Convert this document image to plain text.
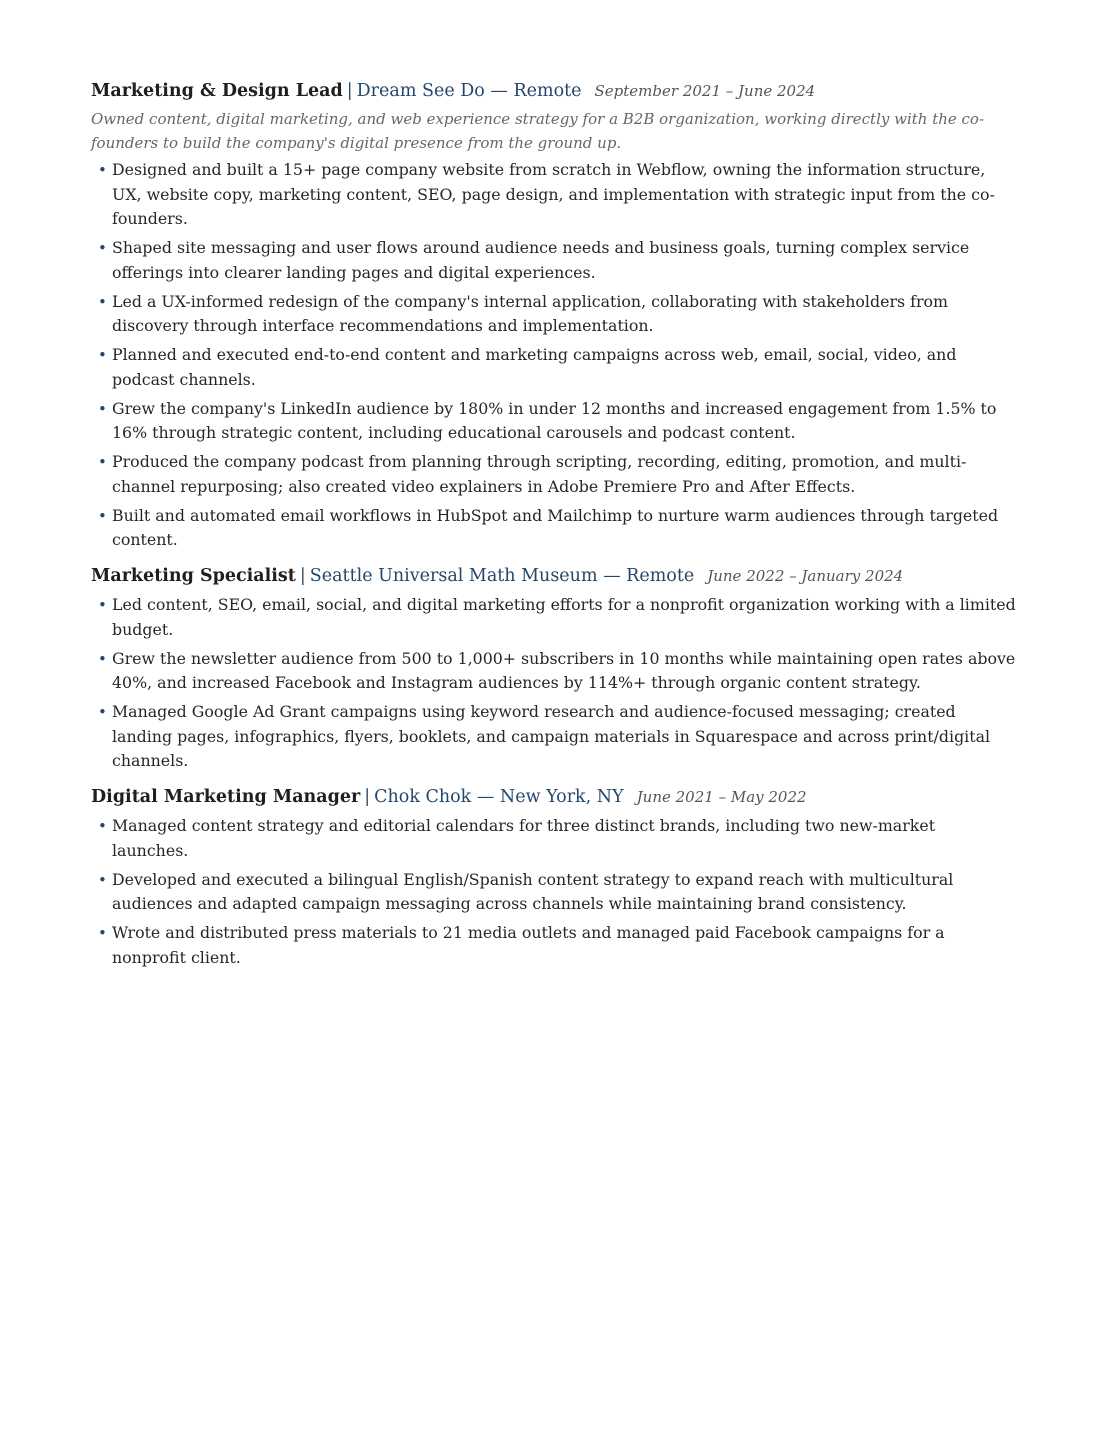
Marketing & Design Lead | Dream See Do — Remote September 2021 – June 2024
Owned content, digital marketing, and web experience strategy for a B2B organization, working directly with the co-founders to build the company's digital presence from the ground up.
• Designed and built a 15+ page company website from scratch in Webflow, owning the information structure, UX, website copy, marketing content, SEO, page design, and implementation with strategic input from the co-founders.
• Shaped site messaging and user flows around audience needs and business goals, turning complex service offerings into clearer landing pages and digital experiences.
• Led a UX-informed redesign of the company's internal application, collaborating with stakeholders from discovery through interface recommendations and implementation.
• Planned and executed end-to-end content and marketing campaigns across web, email, social, video, and podcast channels.
• Grew the company's LinkedIn audience by 180% in under 12 months and increased engagement from 1.5% to 16% through strategic content, including educational carousels and podcast content.
• Produced the company podcast from planning through scripting, recording, editing, promotion, and multi-channel repurposing; also created video explainers in Adobe Premiere Pro and After Effects.
• Built and automated email workflows in HubSpot and Mailchimp to nurture warm audiences through targeted content.
Marketing Specialist | Seattle Universal Math Museum — Remote June 2022 – January 2024
• Led content, SEO, email, social, and digital marketing efforts for a nonprofit organization working with a limited budget.
• Grew the newsletter audience from 500 to 1,000+ subscribers in 10 months while maintaining open rates above 40%, and increased Facebook and Instagram audiences by 114%+ through organic content strategy.
• Managed Google Ad Grant campaigns using keyword research and audience-focused messaging; created landing pages, infographics, flyers, booklets, and campaign materials in Squarespace and across print/digital channels.
Digital Marketing Manager | Chok Chok — New York, NY June 2021 – May 2022
• Managed content strategy and editorial calendars for three distinct brands, including two new-market launches.
• Developed and executed a bilingual English/Spanish content strategy to expand reach with multicultural audiences and adapted campaign messaging across channels while maintaining brand consistency.
• Wrote and distributed press materials to 21 media outlets and managed paid Facebook campaigns for a nonprofit client.
